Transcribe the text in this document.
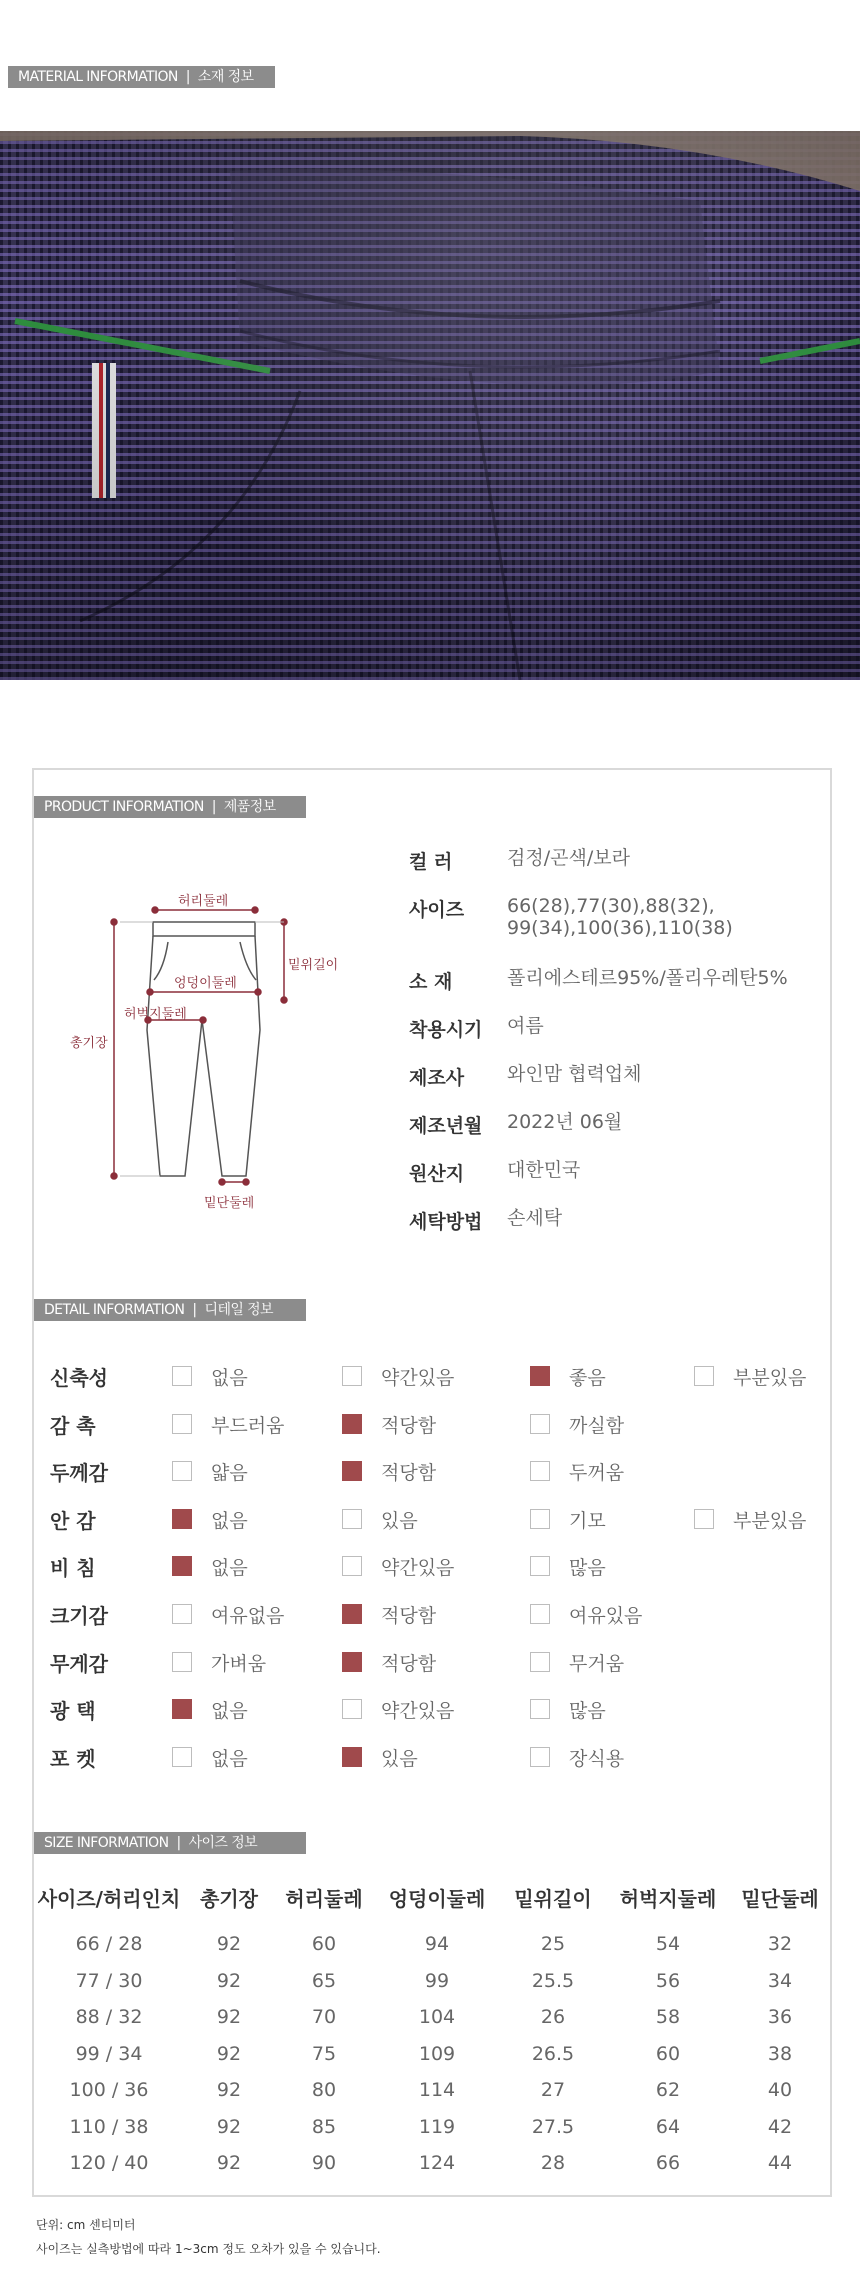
MATERIAL INFORMATION | 소재 정보
PRODUCT INFORMATION | 제품정보
허리둘레
엉덩이둘레
허벅지둘레
밑위길이
총기장
밑단둘레
컬 러	검정/곤색/보라
사이즈	66(28),77(30),88(32),
99(34),100(36),110(38)
소 재	폴리에스테르95%/폴리우레탄5%
착용시기	여름
제조사	와인맘 협력업체
제조년월	2022년 06월
원산지	대한민국
세탁방법	손세탁
DETAIL INFORMATION | 디테일 정보
신축성	없음	약간있음	좋음	부분있음
감 촉	부드러움	적당함	까실함
두께감	얇음	적당함	두꺼움
안 감	없음	있음	기모	부분있음
비 침	없음	약간있음	많음
크기감	여유없음	적당함	여유있음
무게감	가벼움	적당함	무거움
광 택	없음	약간있음	많음
포 켓	없음	있음	장식용
SIZE INFORMATION | 사이즈 정보
사이즈/허리인치	총기장	허리둘레	엉덩이둘레	밑위길이	허벅지둘레	밑단둘레
66 / 28	92	60	94	25	54	32
77 / 30	92	65	99	25.5	56	34
88 / 32	92	70	104	26	58	36
99 / 34	92	75	109	26.5	60	38
100 / 36	92	80	114	27	62	40
110 / 38	92	85	119	27.5	64	42
120 / 40	92	90	124	28	66	44
단위: cm 센티미터
사이즈는 실측방법에 따라 1~3cm 정도 오차가 있을 수 있습니다.
